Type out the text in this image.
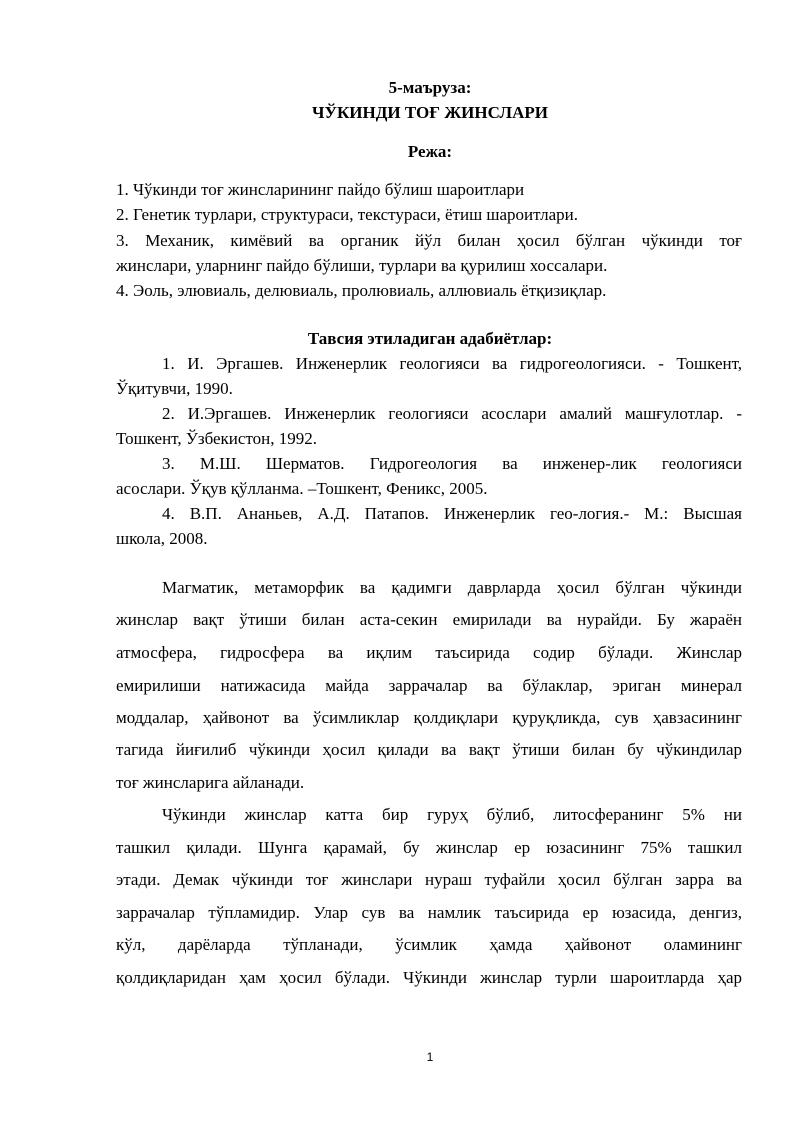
5-маъруза:
ЧЎКИНДИ ТОҒ ЖИНСЛАРИ
Режа:
1. Чўкинди тоғ жинсларининг пайдо бўлиш шароитлари
2. Генетик турлари, структураси, текстураси, ётиш шароитлари.
3. Механик, кимёвий ва органик йўл билан ҳосил бўлган чўкинди тоғ
жинслари, уларнинг пайдо бўлиши, турлари ва қурилиш хоссалари.
4. Эоль, элювиаль, делювиаль, пролювиаль, аллювиаль ётқизиқлар.
Тавсия этиладиган адабиётлар:
1. И. Эргашев. Инженерлик геологияси ва гидрогеологияси. - Тошкент,
Ўқитувчи, 1990.
2. И.Эргашев. Инженерлик геологияси асослари амалий машғулотлар. -
Тошкент, Ўзбекистон, 1992.
3. М.Ш. Шерматов. Гидрогеология ва инженер-лик геологияси
асослари. Ўқув қўлланма. –Тошкент, Феникс, 2005.
4. В.П. Ананьев, А.Д. Патапов. Инженерлик гео-логия.- М.: Высшая
школа, 2008.
Магматик, метаморфик ва қадимги даврларда ҳосил бўлган чўкинди
жинслар вақт ўтиши билан аста-секин емирилади ва нурайди. Бу жараён
атмосфера, гидросфера ва иқлим таъсирида содир бўлади. Жинслар
емирилиши натижасида майда заррачалар ва бўлаклар, эриган минерал
моддалар, ҳайвонот ва ўсимликлар қолдиқлари қуруқликда, сув ҳавзасининг
тагида йиғилиб чўкинди ҳосил қилади ва вақт ўтиши билан бу чўкиндилар
тоғ жинсларига айланади.
Чўкинди жинслар катта бир гуруҳ бўлиб, литосферанинг 5% ни
ташкил қилади. Шунга қарамай, бу жинслар ер юзасининг 75% ташкил
этади. Демак чўкинди тоғ жинслари нураш туфайли ҳосил бўлган зарра ва
заррачалар тўпламидир. Улар сув ва намлик таъсирида ер юзасида, денгиз,
кўл, дарёларда тўпланади, ўсимлик ҳамда ҳайвонот оламининг
қолдиқларидан ҳам ҳосил бўлади. Чўкинди жинслар турли шароитларда ҳар
1
